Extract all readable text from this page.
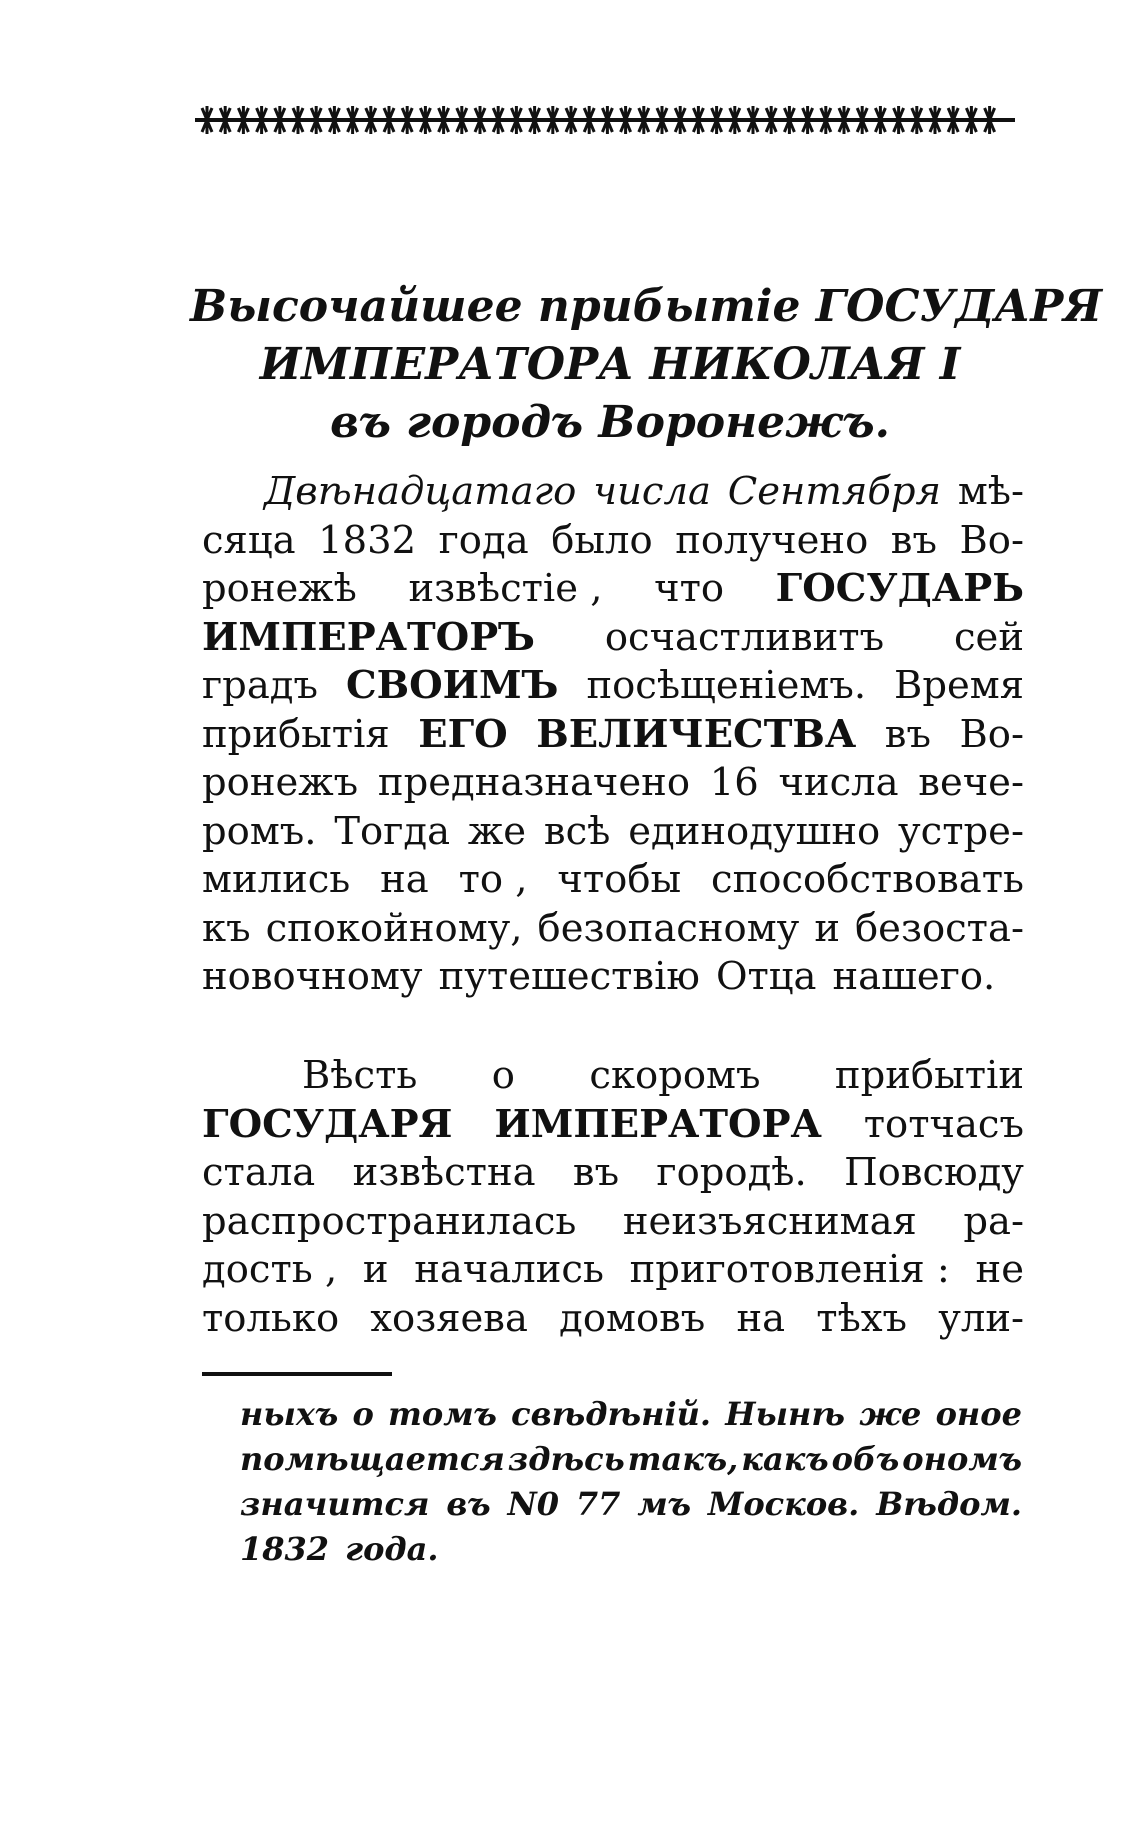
Высочайшее прибытiе ГОСУДАРЯ
ИМПЕРАТОРА НИКОЛАЯ I
въ городъ Воронежъ.
Двѣнадцатаго числа Сентября мѣ-
сяца 1832 года было получено въ Во-
ронежѣ извѣстiе , что ГОСУДАРЬ
ИМПЕРАТОРЪ осчастливитъ сей
градъ СВОИМЪ посѣщенiемъ. Время
прибытiя ЕГО ВЕЛИЧЕСТВА въ Во-
ронежъ предназначено 16 числа вече-
ромъ. Тогда же всѣ единодушно устре-
мились на то , чтобы способствовать
къ спокойному, безопасному и безоста-
новочному путешествiю Отца нашего.
Вѣсть о скоромъ прибытiи
ГОСУДАРЯ ИМПЕРАТОРА тотчасъ
стала извѣстна въ городѣ. Повсюду
распространилась неизъяснимая ра-
дость , и начались приготовленiя : не
только хозяева домовъ на тѣхъ ули-
ныхъ о томъ свѣдѣнiй. Нынѣ же оное
помѣщается здѣсь такъ, какъ объ ономъ
значится въ N0 77 мъ Москов. Вѣдом.
1832 года.
